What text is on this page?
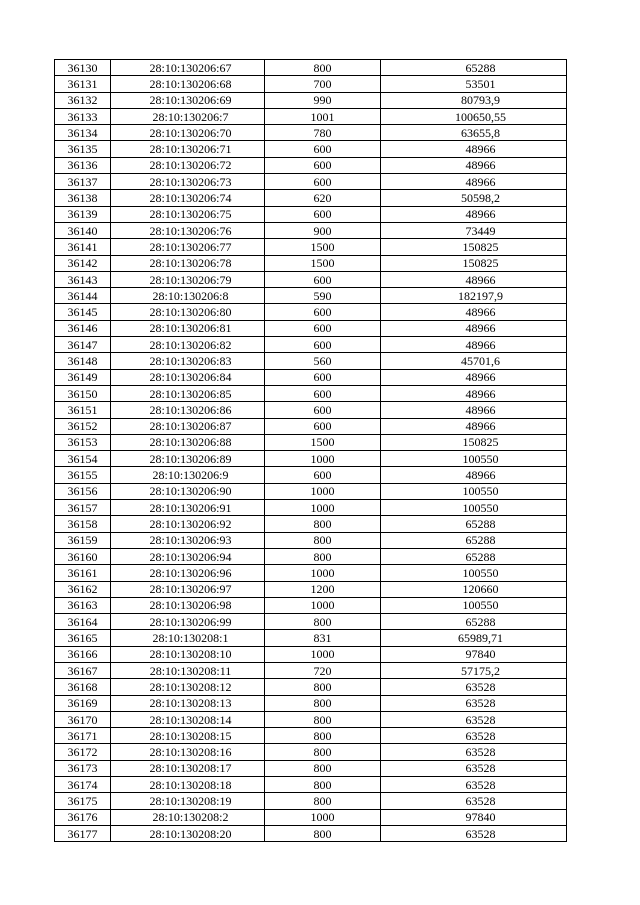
36130	28:10:130206:67	800	65288
36131	28:10:130206:68	700	53501
36132	28:10:130206:69	990	80793,9
36133	28:10:130206:7	1001	100650,55
36134	28:10:130206:70	780	63655,8
36135	28:10:130206:71	600	48966
36136	28:10:130206:72	600	48966
36137	28:10:130206:73	600	48966
36138	28:10:130206:74	620	50598,2
36139	28:10:130206:75	600	48966
36140	28:10:130206:76	900	73449
36141	28:10:130206:77	1500	150825
36142	28:10:130206:78	1500	150825
36143	28:10:130206:79	600	48966
36144	28:10:130206:8	590	182197,9
36145	28:10:130206:80	600	48966
36146	28:10:130206:81	600	48966
36147	28:10:130206:82	600	48966
36148	28:10:130206:83	560	45701,6
36149	28:10:130206:84	600	48966
36150	28:10:130206:85	600	48966
36151	28:10:130206:86	600	48966
36152	28:10:130206:87	600	48966
36153	28:10:130206:88	1500	150825
36154	28:10:130206:89	1000	100550
36155	28:10:130206:9	600	48966
36156	28:10:130206:90	1000	100550
36157	28:10:130206:91	1000	100550
36158	28:10:130206:92	800	65288
36159	28:10:130206:93	800	65288
36160	28:10:130206:94	800	65288
36161	28:10:130206:96	1000	100550
36162	28:10:130206:97	1200	120660
36163	28:10:130206:98	1000	100550
36164	28:10:130206:99	800	65288
36165	28:10:130208:1	831	65989,71
36166	28:10:130208:10	1000	97840
36167	28:10:130208:11	720	57175,2
36168	28:10:130208:12	800	63528
36169	28:10:130208:13	800	63528
36170	28:10:130208:14	800	63528
36171	28:10:130208:15	800	63528
36172	28:10:130208:16	800	63528
36173	28:10:130208:17	800	63528
36174	28:10:130208:18	800	63528
36175	28:10:130208:19	800	63528
36176	28:10:130208:2	1000	97840
36177	28:10:130208:20	800	63528
